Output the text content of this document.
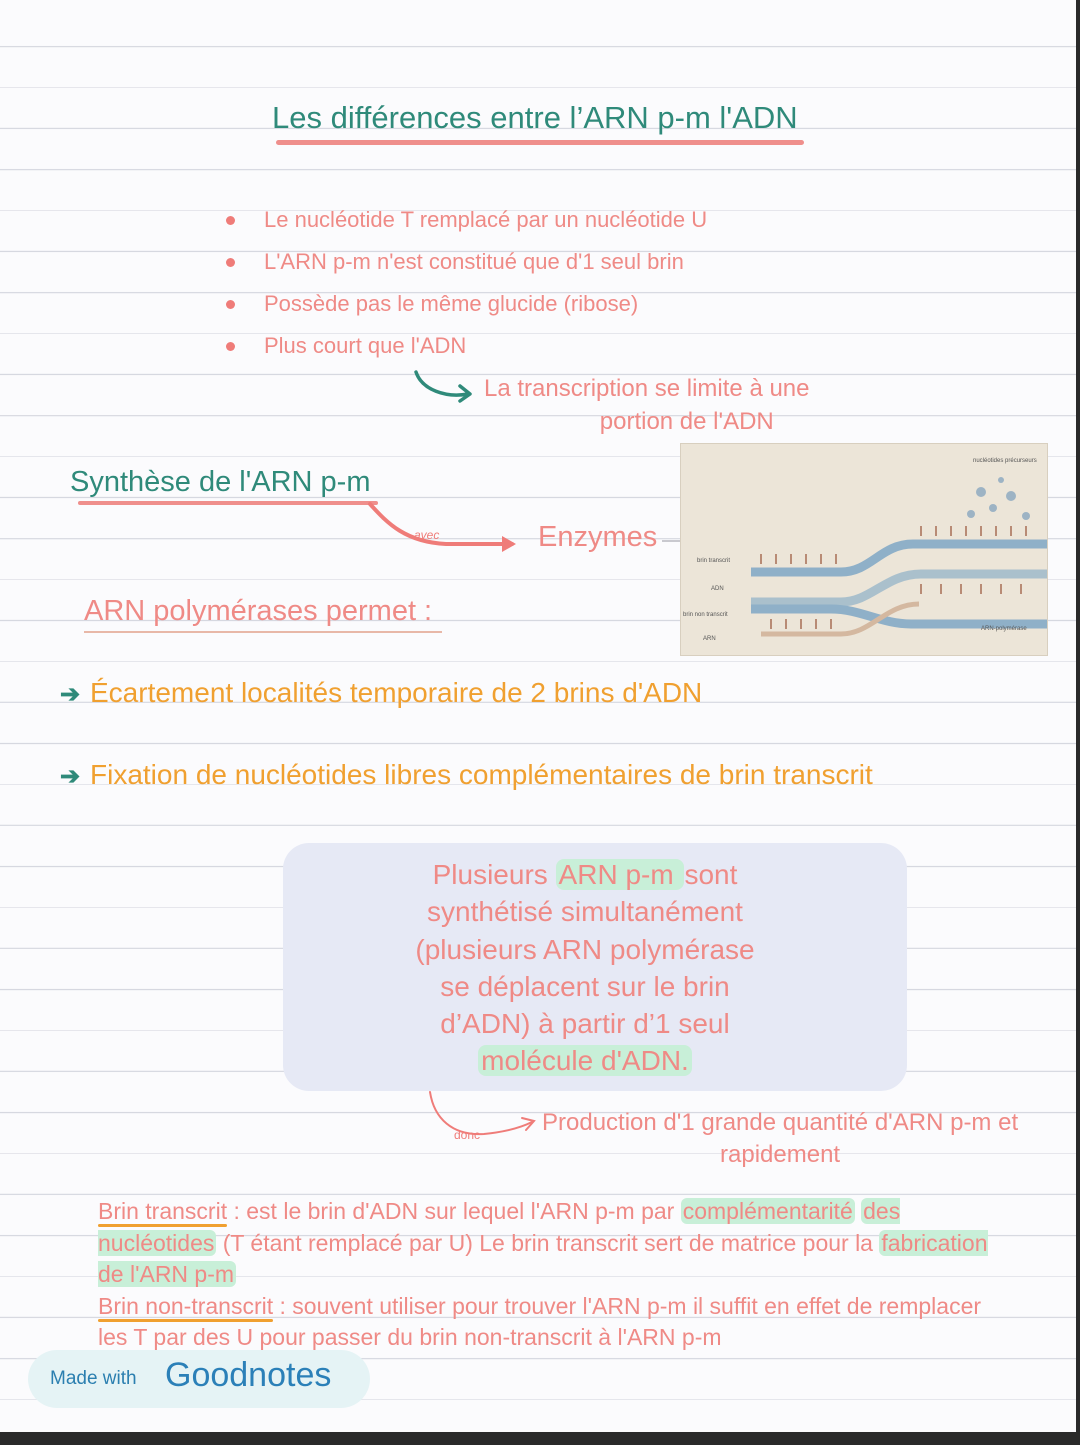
Les différences entre l’ARN p-m l'ADN
Le nucléotide T remplacé par un nucléotide U
L'ARN p-m n'est constitué que d'1 seul brin
Possède pas le même glucide (ribose)
Plus court que l'ADN
La transcription se limite à une
portion de l'ADN
Synthèse de l'ARN p-m
avec	Enzymes
ARN polymérases permet :
nucléotides précurseurs
brin transcrit
ADN
brin non transcrit
ARN
ARN-polymérase
➔ Écartement localités temporaire de 2 brins d'ADN
➔ Fixation de nucléotides libres complémentaires de brin transcrit
Plusieurs ARN p-m sont
synthétisé simultanément
(plusieurs ARN polymérase
se déplacent sur le brin
d’ADN) à partir d’1 seul
molécule d'ADN.
donc	Production d'1 grande quantité d'ARN p-m et
rapidement
Brin transcrit : est le brin d'ADN sur lequel l'ARN p-m par complémentarité des nucléotides (T étant remplacé par U) Le brin transcrit sert de matrice pour la fabrication de l'ARN p-m
Brin non-transcrit : souvent utiliser pour trouver l'ARN p-m il suffit en effet de remplacer les T par des U pour passer du brin non-transcrit à l'ARN p-m
Made with Goodnotes
